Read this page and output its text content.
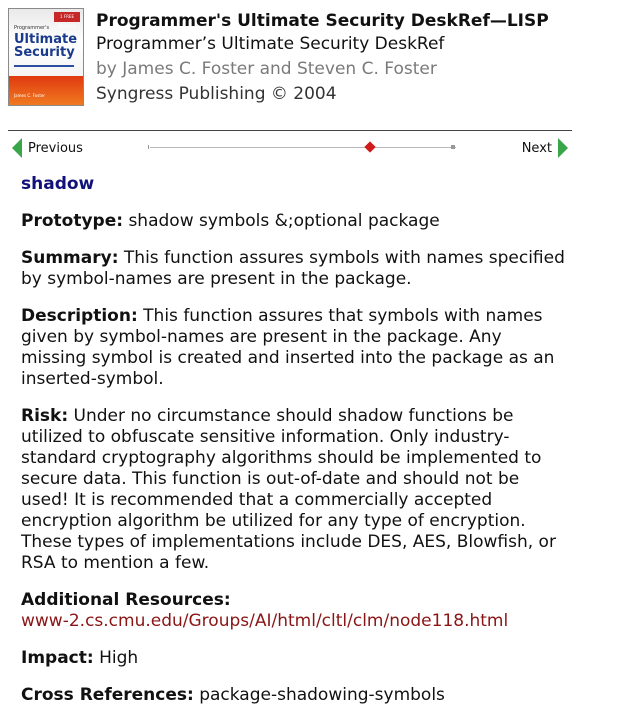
1 FREE WEBINAR
Programmer's
Ultimate
Security
James C. Foster
Programmer's Ultimate Security DeskRef—LISP
Programmer’s Ultimate Security DeskRef
by James C. Foster and Steven C. Foster
Syngress Publishing © 2004
Previous	Next

shadow

Prototype: shadow symbols &;optional package

Summary: This function assures symbols with names specified by symbol-names are present in the package.

Description: This function assures that symbols with names given by symbol-names are present in the package. Any missing symbol is created and inserted into the package as an inserted-symbol.

Risk: Under no circumstance should shadow functions be utilized to obfuscate sensitive information. Only industry-standard cryptography algorithms should be implemented to secure data. This function is out-of-date and should not be used! It is recommended that a commercially accepted encryption algorithm be utilized for any type of encryption. These types of implementations include DES, AES, Blowfish, or RSA to mention a few.

Additional Resources:
www-2.cs.cmu.edu/Groups/AI/html/cltl/clm/node118.html

Impact: High

Cross References: package-shadowing-symbols
